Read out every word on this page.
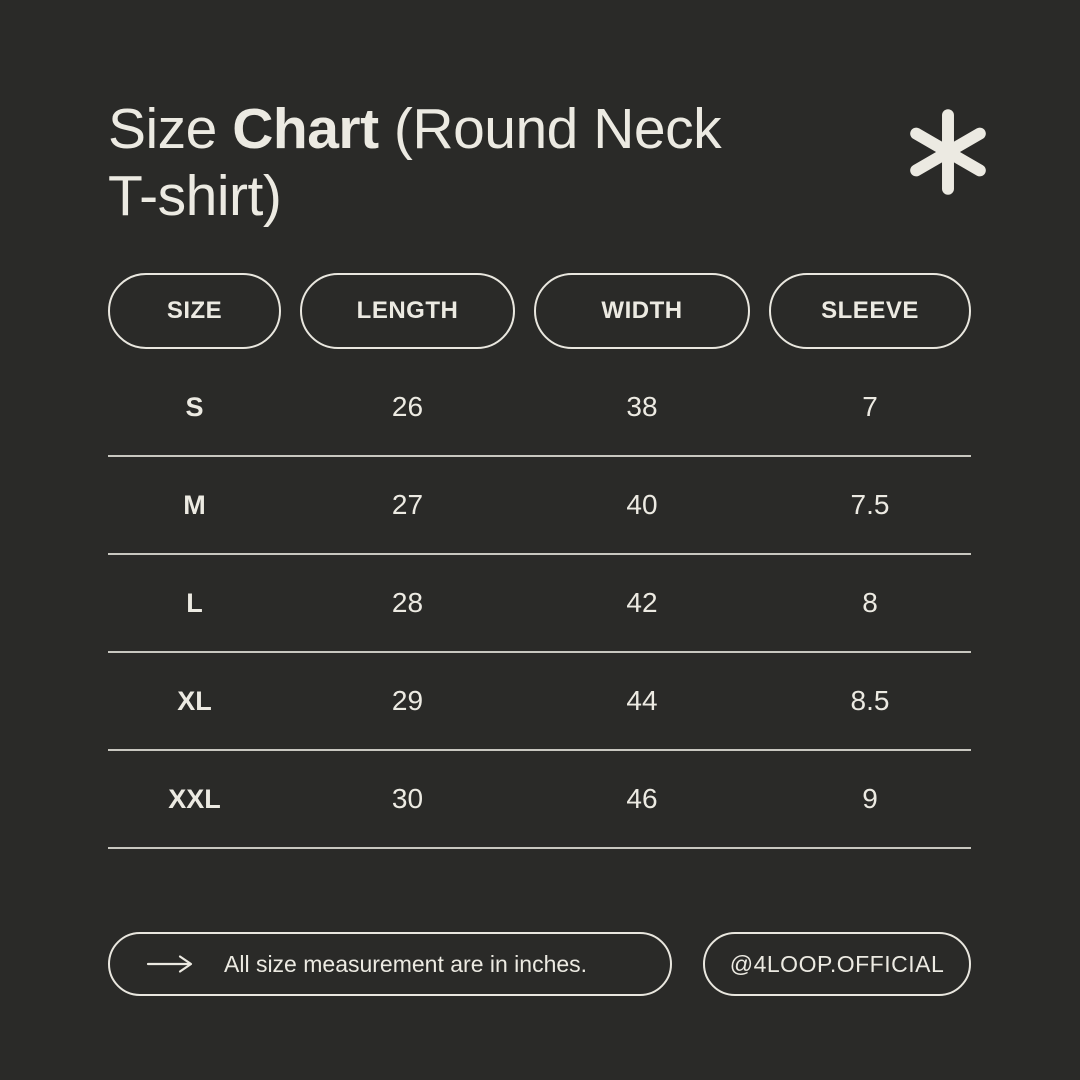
Size Chart (Round Neck
T-shirt)
SIZE	LENGTH	WIDTH	SLEEVE
S	26	38	7
M	27	40	7.5
L	28	42	8
XL	29	44	8.5
XXL	30	46	9
All size measurement are in inches.	@4LOOP.OFFICIAL
